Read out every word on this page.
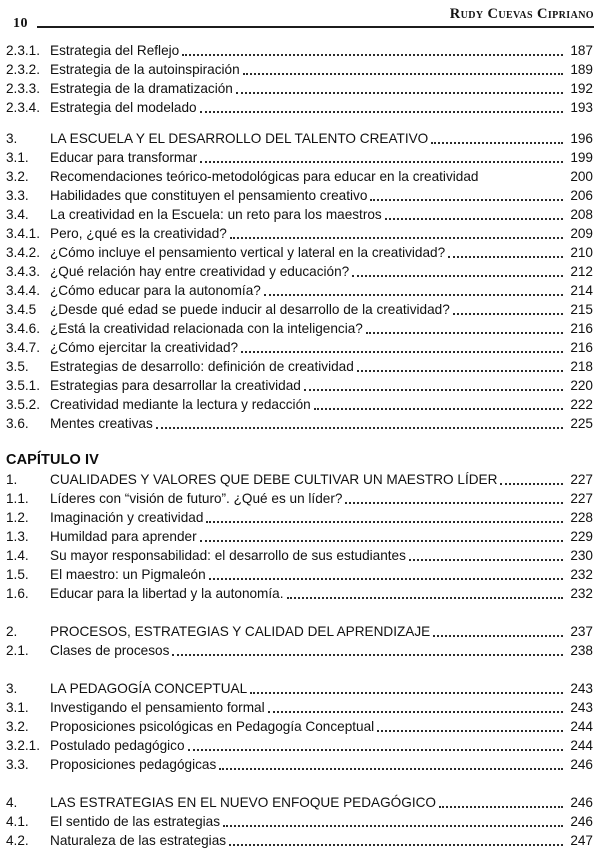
10
Rudy Cuevas Cipriano
2.3.1. Estrategia del Reflejo	187
2.3.2. Estrategia de la autoinspiración	189
2.3.3. Estrategia de la dramatización	192
2.3.4. Estrategia del modelado	193
3.	LA ESCUELA Y EL DESARROLLO DEL TALENTO CREATIVO	196
3.1.	Educar para transformar	199
3.2.	Recomendaciones teórico-metodológicas para educar en la creatividad	200
3.3.	Habilidades que constituyen el pensamiento creativo	206
3.4.	La creatividad en la Escuela: un reto para los maestros	208
3.4.1. Pero, ¿qué es la creatividad?	209
3.4.2. ¿Cómo incluye el pensamiento vertical y lateral en la creatividad?	210
3.4.3. ¿Qué relación hay entre creatividad y educación?	212
3.4.4. ¿Cómo educar para la autonomía?	214
3.4.5	¿Desde qué edad se puede inducir al desarrollo de la creatividad?	215
3.4.6. ¿Está la creatividad relacionada con la inteligencia?	216
3.4.7. ¿Cómo ejercitar la creatividad?	216
3.5.	Estrategias de desarrollo: definición de creatividad	218
3.5.1. Estrategias para desarrollar la creatividad	220
3.5.2. Creatividad mediante la lectura y redacción	222
3.6.	Mentes creativas	225
CAPÍTULO IV
1.	CUALIDADES Y VALORES QUE DEBE CULTIVAR UN MAESTRO LÍDER	227
1.1.	Líderes con “visión de futuro”. ¿Qué es un líder?	227
1.2.	Imaginación y creatividad	228
1.3.	Humildad para aprender	229
1.4.	Su mayor responsabilidad: el desarrollo de sus estudiantes	230
1.5.	El maestro: un Pigmaleón	232
1.6.	Educar para la libertad y la autonomía.	232
2.	PROCESOS, ESTRATEGIAS Y CALIDAD DEL APRENDIZAJE	237
2.1.	Clases de procesos	238
3.	LA PEDAGOGÍA CONCEPTUAL	243
3.1.	Investigando el pensamiento formal	243
3.2.	Proposiciones psicológicas en Pedagogía Conceptual	244
3.2.1. Postulado pedagógico	244
3.3.	Proposiciones pedagógicas	246
4.	LAS ESTRATEGIAS EN EL NUEVO ENFOQUE PEDAGÓGICO	246
4.1.	El sentido de las estrategias	246
4.2.	Naturaleza de las estrategias	247
